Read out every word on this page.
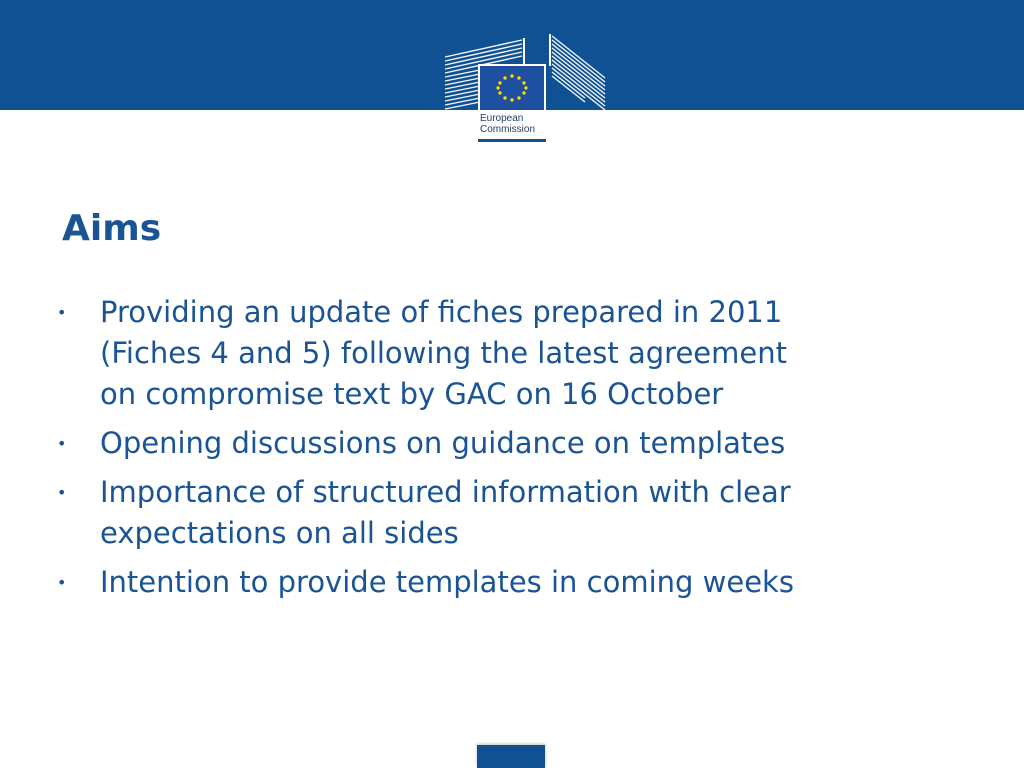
European
Commission

Aims
• Providing an update of fiches prepared in 2011
(Fiches 4 and 5) following the latest agreement
on compromise text by GAC on 16 October
• Opening discussions on guidance on templates
• Importance of structured information with clear
expectations on all sides
• Intention to provide templates in coming weeks
